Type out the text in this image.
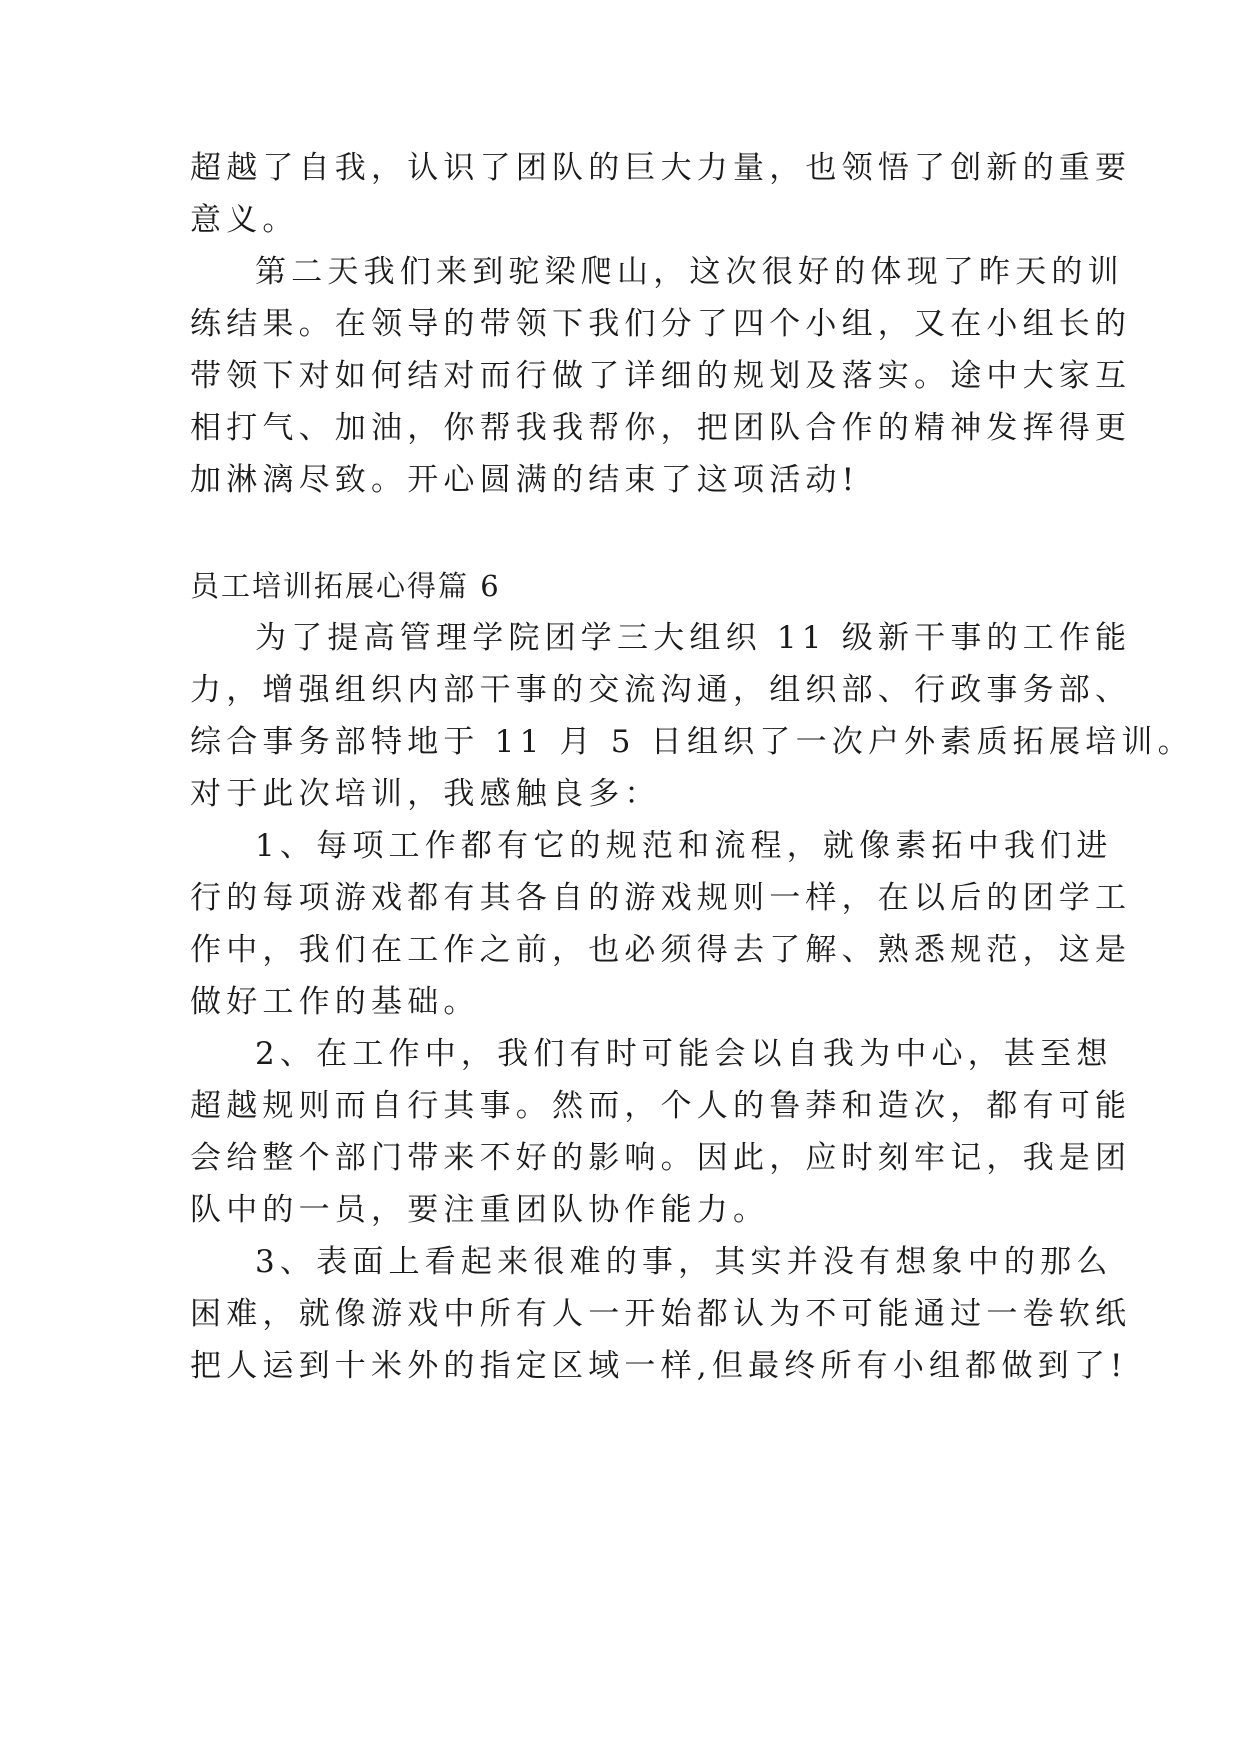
超越了自我，认识了团队的巨大力量，也领悟了创新的重要
意义。
第二天我们来到驼梁爬山，这次很好的体现了昨天的训
练结果。在领导的带领下我们分了四个小组，又在小组长的
带领下对如何结对而行做了详细的规划及落实。途中大家互
相打气、加油，你帮我我帮你，把团队合作的精神发挥得更
加淋漓尽致。开心圆满的结束了这项活动!
员工培训拓展心得篇 6
为了提高管理学院团学三大组织 11 级新干事的工作能
力，增强组织内部干事的交流沟通，组织部、行政事务部、
综合事务部特地于 11 月 5 日组织了一次户外素质拓展培训。
对于此次培训，我感触良多：
1、每项工作都有它的规范和流程，就像素拓中我们进
行的每项游戏都有其各自的游戏规则一样，在以后的团学工
作中，我们在工作之前，也必须得去了解、熟悉规范，这是
做好工作的基础。
2、在工作中，我们有时可能会以自我为中心，甚至想
超越规则而自行其事。然而，个人的鲁莽和造次，都有可能
会给整个部门带来不好的影响。因此，应时刻牢记，我是团
队中的一员，要注重团队协作能力。
3、表面上看起来很难的事，其实并没有想象中的那么
困难，就像游戏中所有人一开始都认为不可能通过一卷软纸
把人运到十米外的指定区域一样,但最终所有小组都做到了!
